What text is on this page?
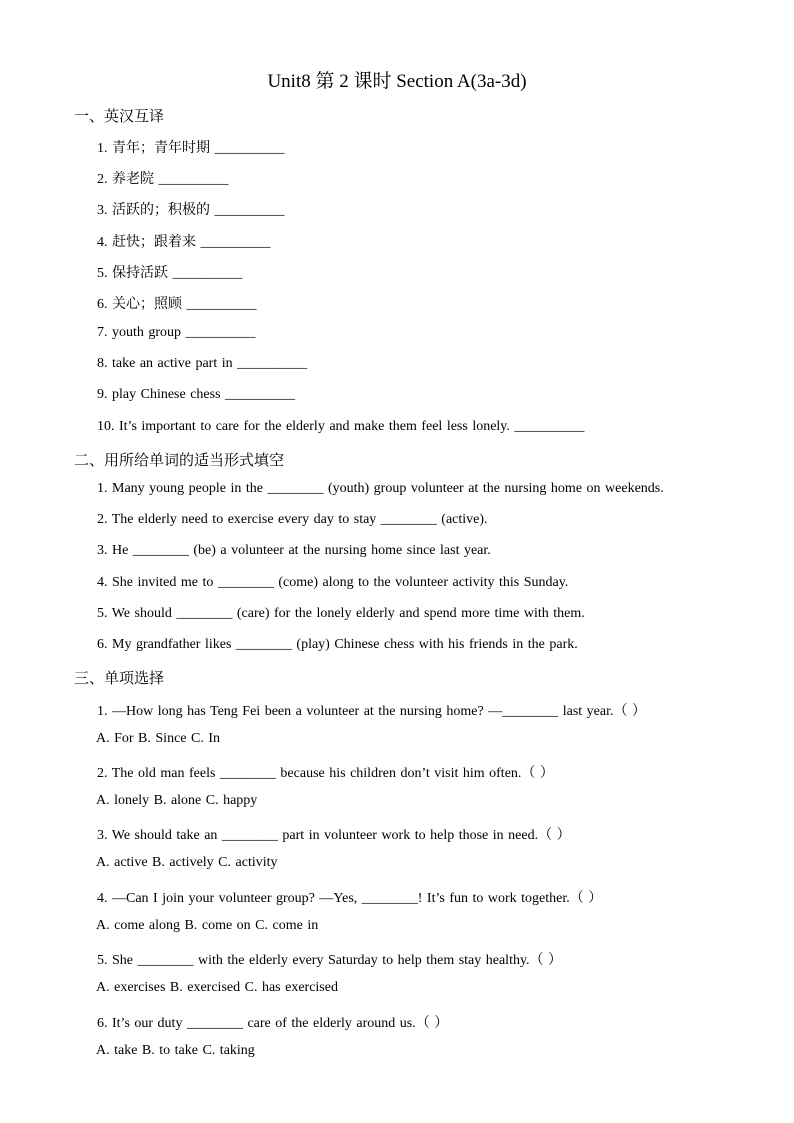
Unit8 第 2 课时 Section A(3a-3d)
一、英汉互译
1. 青年；青年时期 __________
2. 养老院 __________
3. 活跃的；积极的 __________
4. 赶快；跟着来 __________
5. 保持活跃 __________
6. 关心；照顾 __________
7. youth group __________
8. take an active part in __________
9. play Chinese chess __________
10. It’s important to care for the elderly and make them feel less lonely. __________
二、用所给单词的适当形式填空
1. Many young people in the ________ (youth) group volunteer at the nursing home on weekends.
2. The elderly need to exercise every day to stay ________ (active).
3. He ________ (be) a volunteer at the nursing home since last year.
4. She invited me to ________ (come) along to the volunteer activity this Sunday.
5. We should ________ (care) for the lonely elderly and spend more time with them.
6. My grandfather likes ________ (play) Chinese chess with his friends in the park.
三、单项选择
1. —How long has Teng Fei been a volunteer at the nursing home? —________ last year.（ ）
A. For B. Since C. In
2. The old man feels ________ because his children don’t visit him often.（ ）
A. lonely B. alone C. happy
3. We should take an ________ part in volunteer work to help those in need.（ ）
A. active B. actively C. activity
4. —Can I join your volunteer group? —Yes, ________! It’s fun to work together.（ ）
A. come along B. come on C. come in
5. She ________ with the elderly every Saturday to help them stay healthy.（ ）
A. exercises B. exercised C. has exercised
6. It’s our duty ________ care of the elderly around us.（ ）
A. take B. to take C. taking
